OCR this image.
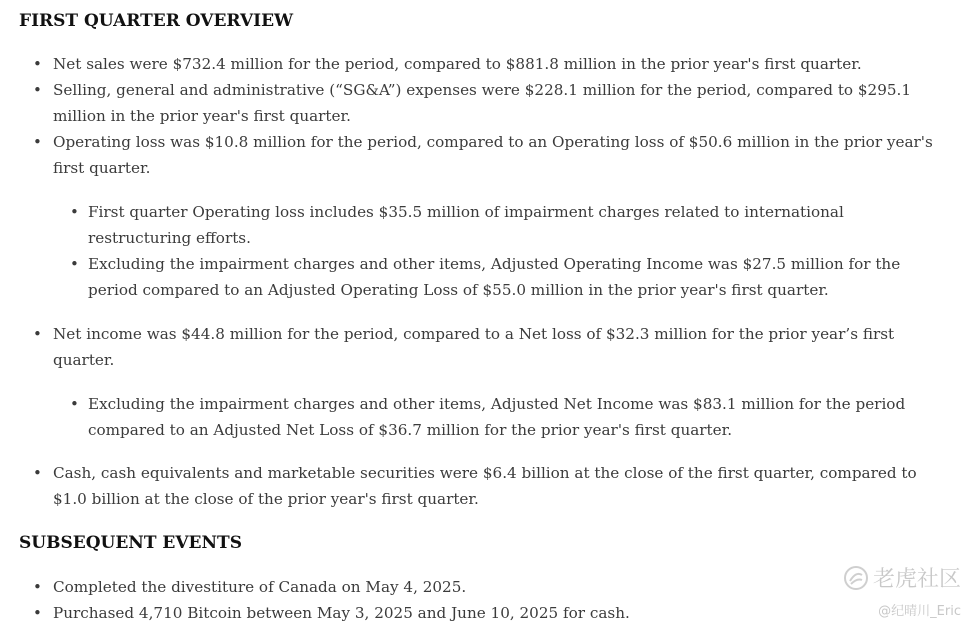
FIRST QUARTER OVERVIEW
• Net sales were $732.4 million for the period, compared to $881.8 million in the prior year's first quarter.
• Selling, general and administrative (“SG&A”) expenses were $228.1 million for the period, compared to $295.1 million in the prior year's first quarter.
• Operating loss was $10.8 million for the period, compared to an Operating loss of $50.6 million in the prior year's first quarter.
• First quarter Operating loss includes $35.5 million of impairment charges related to international restructuring efforts.
• Excluding the impairment charges and other items, Adjusted Operating Income was $27.5 million for the period compared to an Adjusted Operating Loss of $55.0 million in the prior year's first quarter.
• Net income was $44.8 million for the period, compared to a Net loss of $32.3 million for the prior year’s first quarter.
• Excluding the impairment charges and other items, Adjusted Net Income was $83.1 million for the period compared to an Adjusted Net Loss of $36.7 million for the prior year's first quarter.
• Cash, cash equivalents and marketable securities were $6.4 billion at the close of the first quarter, compared to $1.0 billion at the close of the prior year's first quarter.
SUBSEQUENT EVENTS
• Completed the divestiture of Canada on May 4, 2025.
• Purchased 4,710 Bitcoin between May 3, 2025 and June 10, 2025 for cash.
老虎社区
@纪晴川_Eric
